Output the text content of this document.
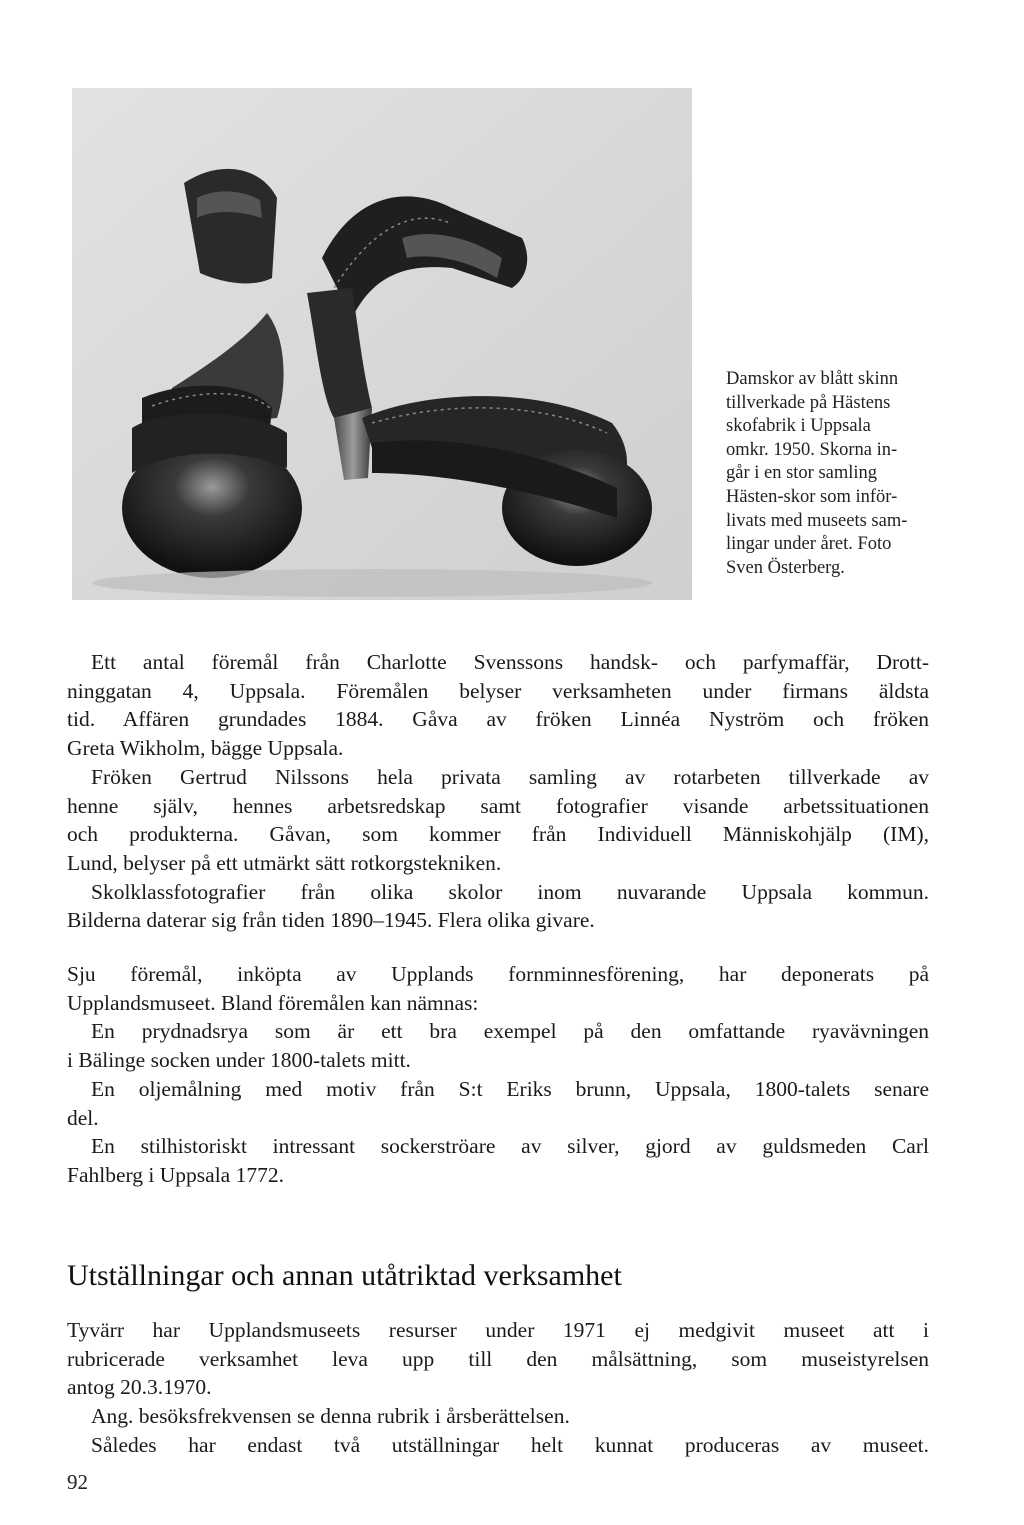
Damskor av blått skinn
tillverkade på Hästens
skofabrik i Uppsala
omkr. 1950. Skorna in-
går i en stor samling
Hästen-skor som inför-
livats med museets sam-
lingar under året. Foto
Sven Österberg.
Ett antal föremål från Charlotte Svenssons handsk- och parfymaffär, Drott-
ninggatan 4, Uppsala. Föremålen belyser verksamheten under firmans äldsta
tid. Affären grundades 1884. Gåva av fröken Linnéa Nyström och fröken
Greta Wikholm, bägge Uppsala.
Fröken Gertrud Nilssons hela privata samling av rotarbeten tillverkade av
henne själv, hennes arbetsredskap samt fotografier visande arbetssituationen
och produkterna. Gåvan, som kommer från Individuell Människohjälp (IM),
Lund, belyser på ett utmärkt sätt rotkorgstekniken.
Skolklassfotografier från olika skolor inom nuvarande Uppsala kommun.
Bilderna daterar sig från tiden 1890–1945. Flera olika givare.
Sju föremål, inköpta av Upplands fornminnesförening, har deponerats på
Upplandsmuseet. Bland föremålen kan nämnas:
En prydnadsrya som är ett bra exempel på den omfattande ryavävningen
i Bälinge socken under 1800-talets mitt.
En oljemålning med motiv från S:t Eriks brunn, Uppsala, 1800-talets senare
del.
En stilhistoriskt intressant sockerströare av silver, gjord av guldsmeden Carl
Fahlberg i Uppsala 1772.
Utställningar och annan utåtriktad verksamhet
Tyvärr har Upplandsmuseets resurser under 1971 ej medgivit museet att i
rubricerade verksamhet leva upp till den målsättning, som museistyrelsen
antog 20.3.1970.
Ang. besöksfrekvensen se denna rubrik i årsberättelsen.
Således har endast två utställningar helt kunnat produceras av museet.
92
